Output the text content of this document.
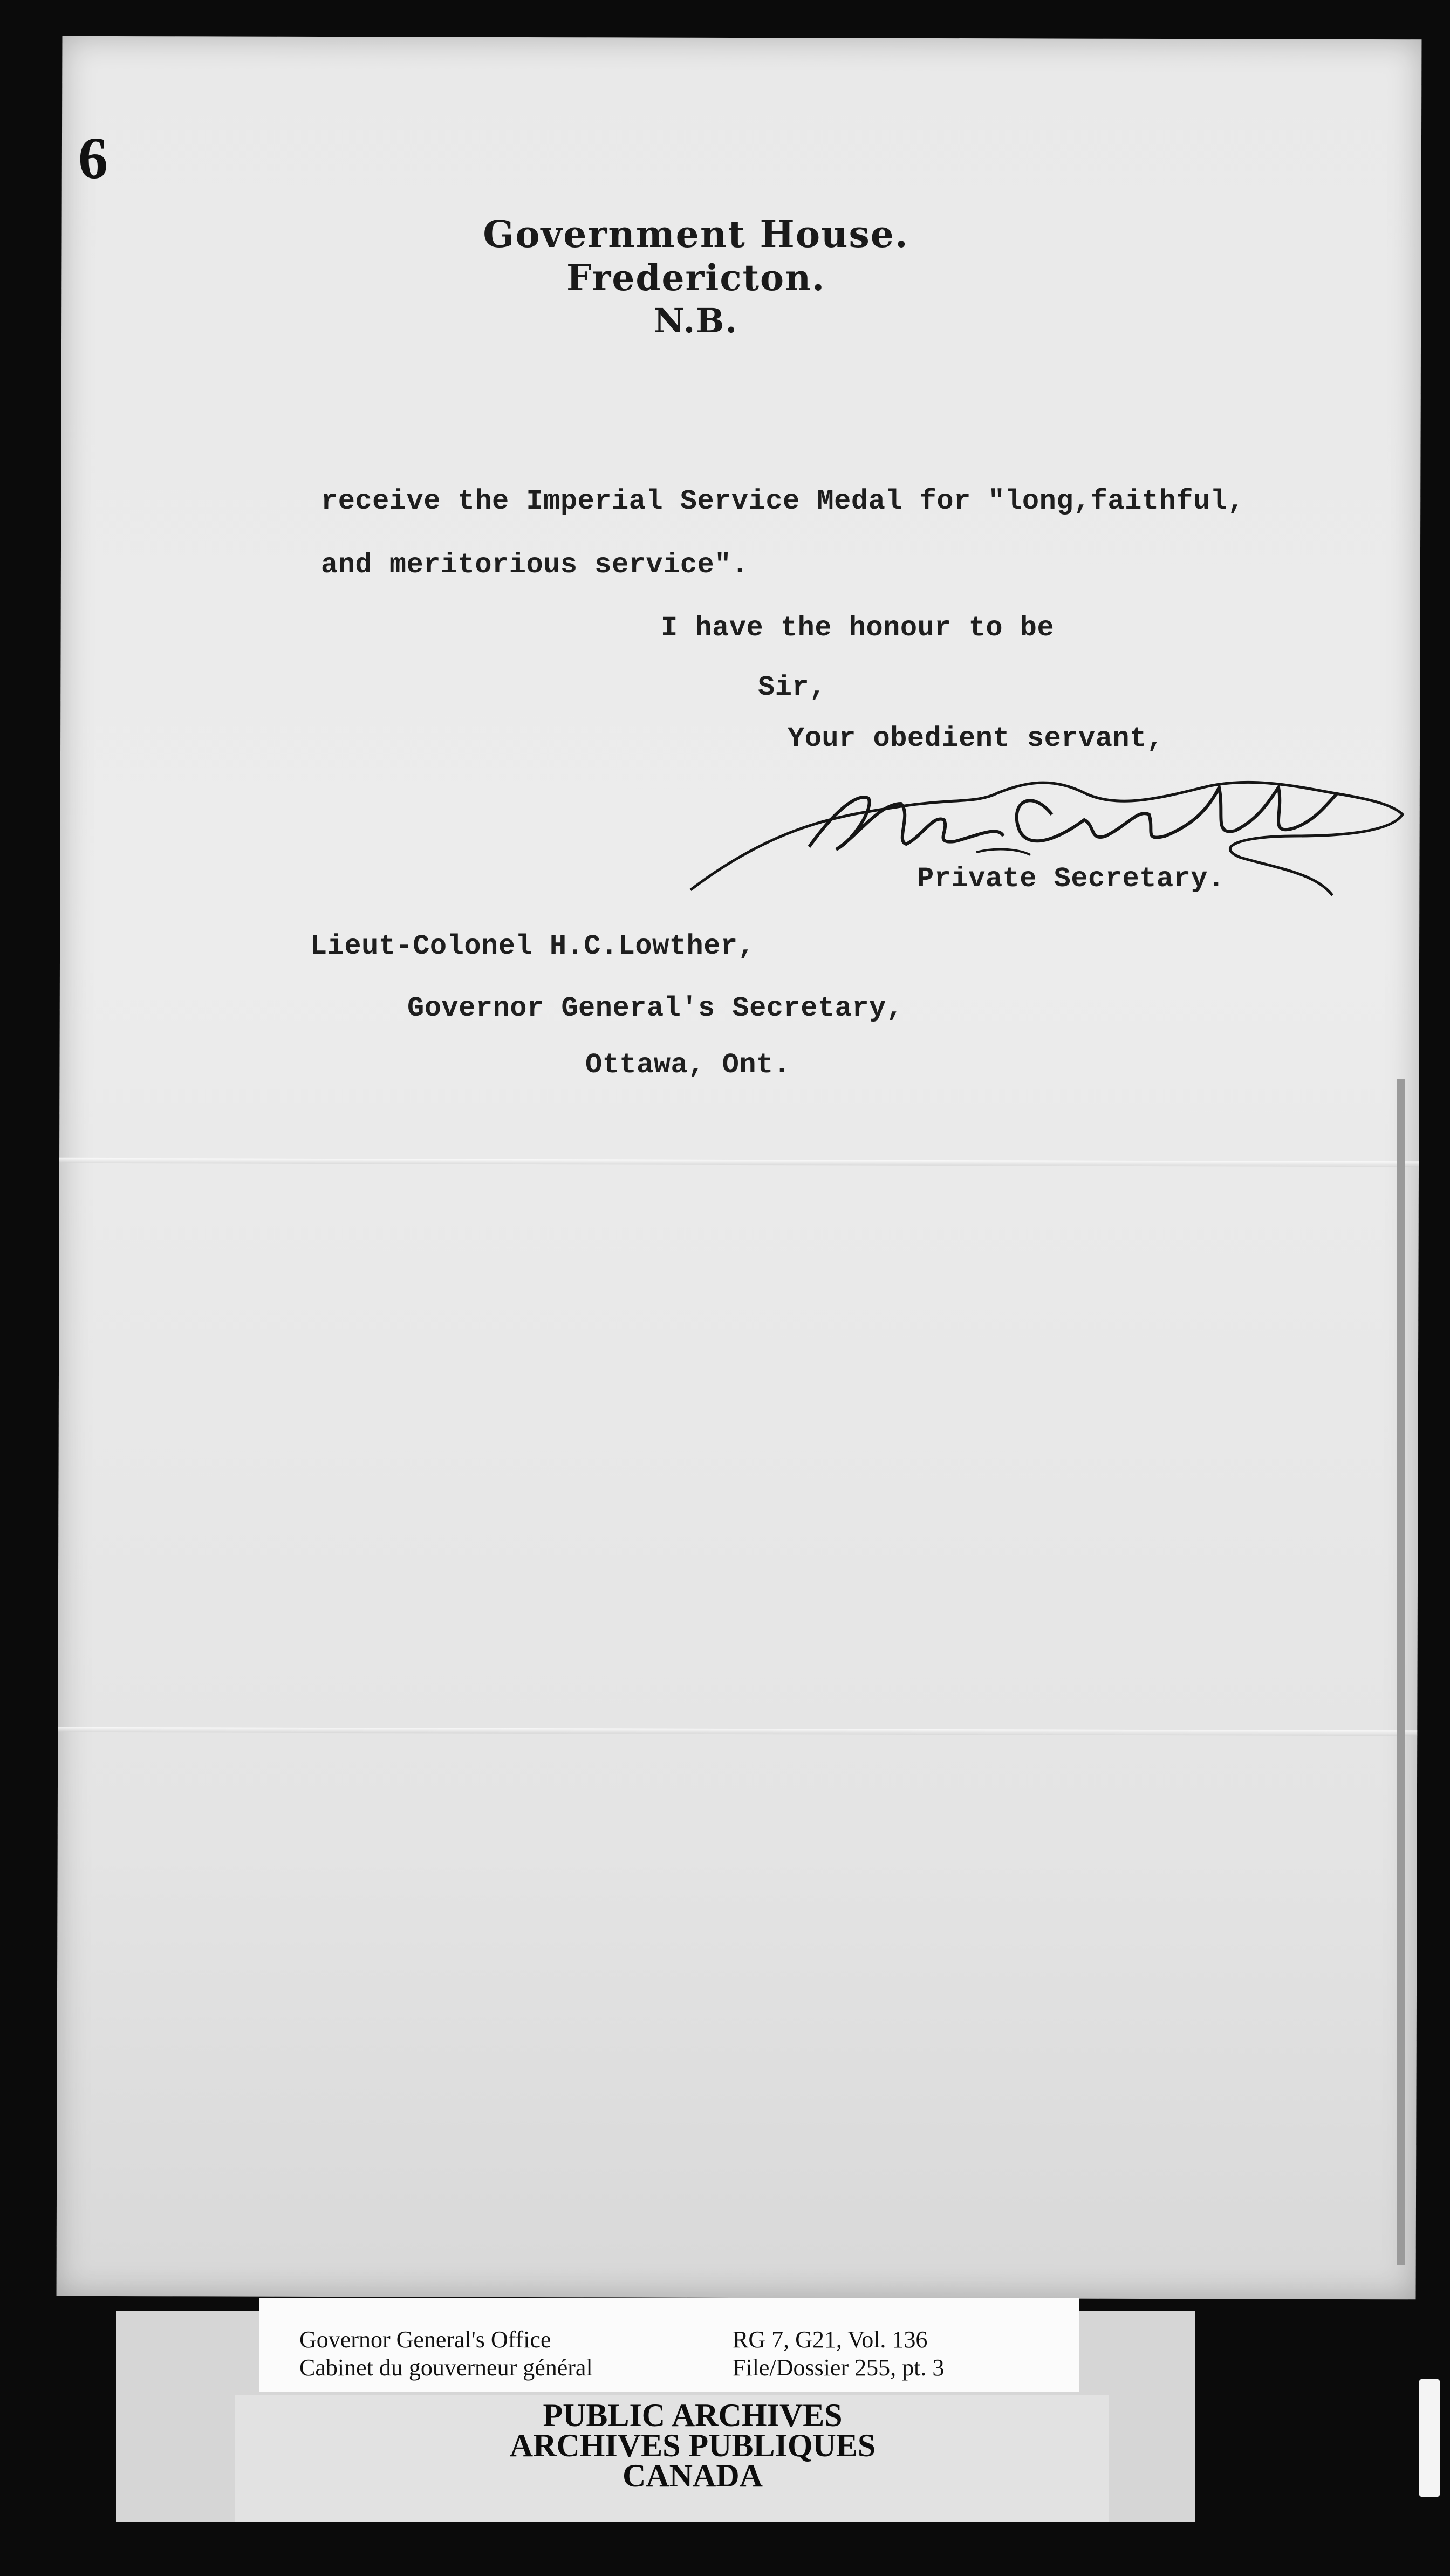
6
Government House.
Fredericton.
N.B.
receive the Imperial Service Medal for "long,faithful,
and meritorious service".
I have the honour to be
Sir,
Your obedient servant,
Private Secretary.
Lieut-Colonel H.C.Lowther,
Governor General's Secretary,
Ottawa, Ont.
Governor General's Office
Cabinet du gouverneur général
RG 7, G21, Vol. 136
File/Dossier 255, pt. 3
PUBLIC ARCHIVES
ARCHIVES PUBLIQUES
CANADA
